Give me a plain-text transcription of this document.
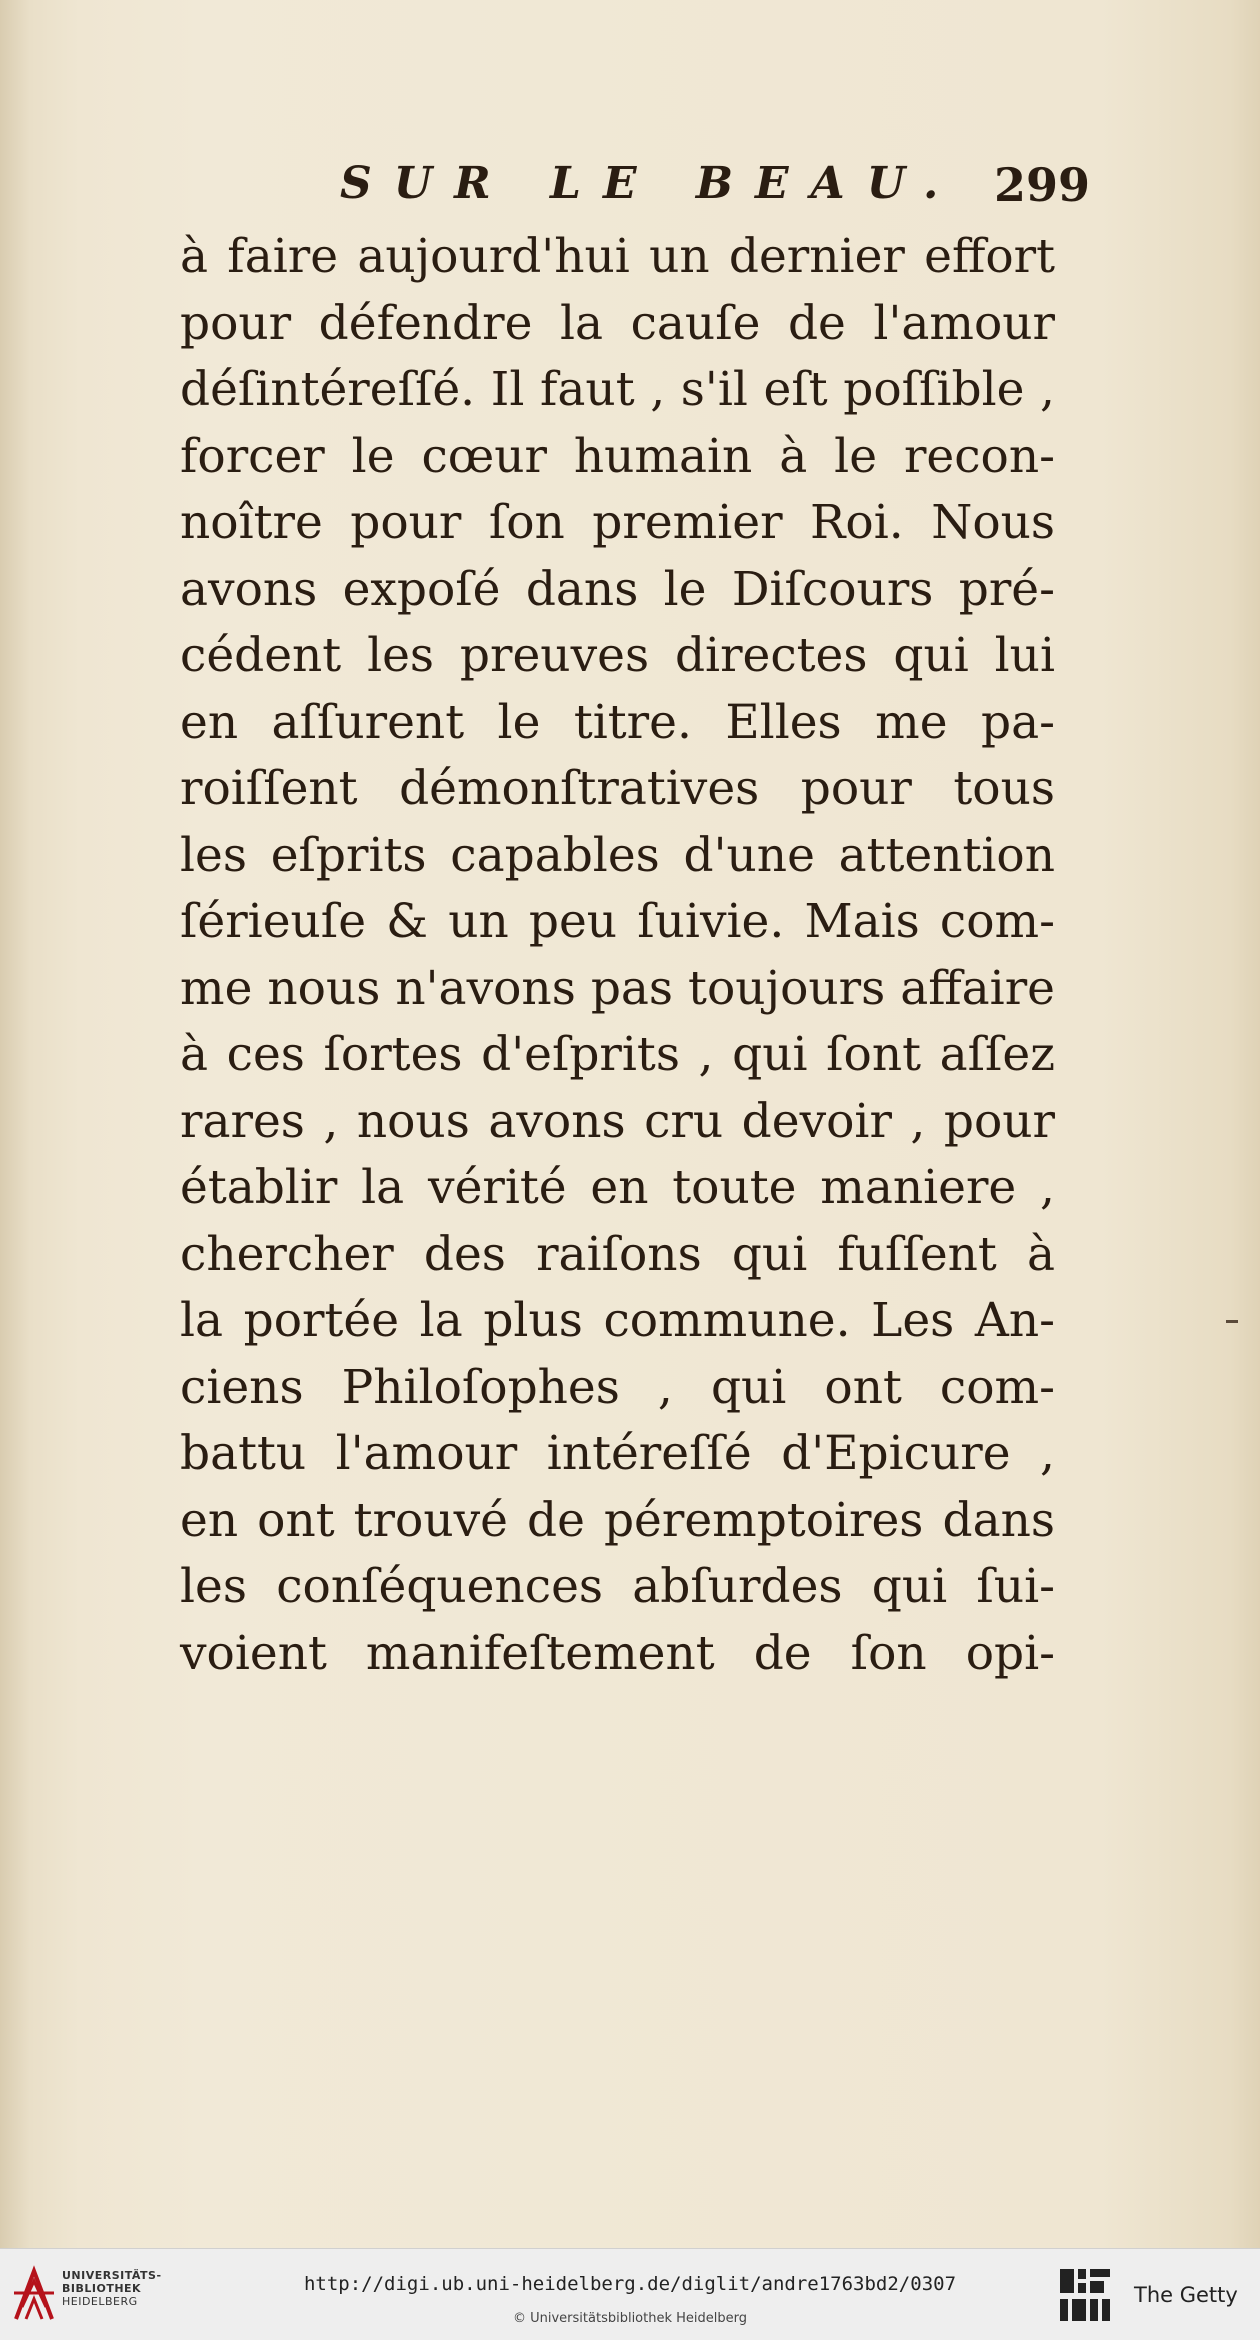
SUR LE BEAU. 299
à faire aujourd'hui un dernier effort
pour défendre la cauſe de l'amour
déſintéreſſé. Il faut , s'il eſt poſſible ,
forcer le cœur humain à le recon-
noître pour ſon premier Roi. Nous
avons expoſé dans le Diſcours pré-
cédent les preuves directes qui lui
en aſſurent le titre. Elles me pa-
roiſſent démonſtratives pour tous
les eſprits capables d'une attention
ſérieuſe & un peu ſuivie. Mais com-
me nous n'avons pas toujours affaire
à ces ſortes d'eſprits , qui ſont aſſez
rares , nous avons cru devoir , pour
établir la vérité en toute maniere ,
chercher des raiſons qui fuſſent à
la portée la plus commune. Les An-
ciens Philoſophes , qui ont com-
battu l'amour intéreſſé d'Epicure ,
en ont trouvé de péremptoires dans
les conſéquences abſurdes qui ſui-
voient manifeſtement de ſon opi-
UNIVERSITÄTS-
BIBLIOTHEK
HEIDELBERG
http://digi.ub.uni-heidelberg.de/diglit/andre1763bd2/0307
© Universitätsbibliothek Heidelberg
The Getty
